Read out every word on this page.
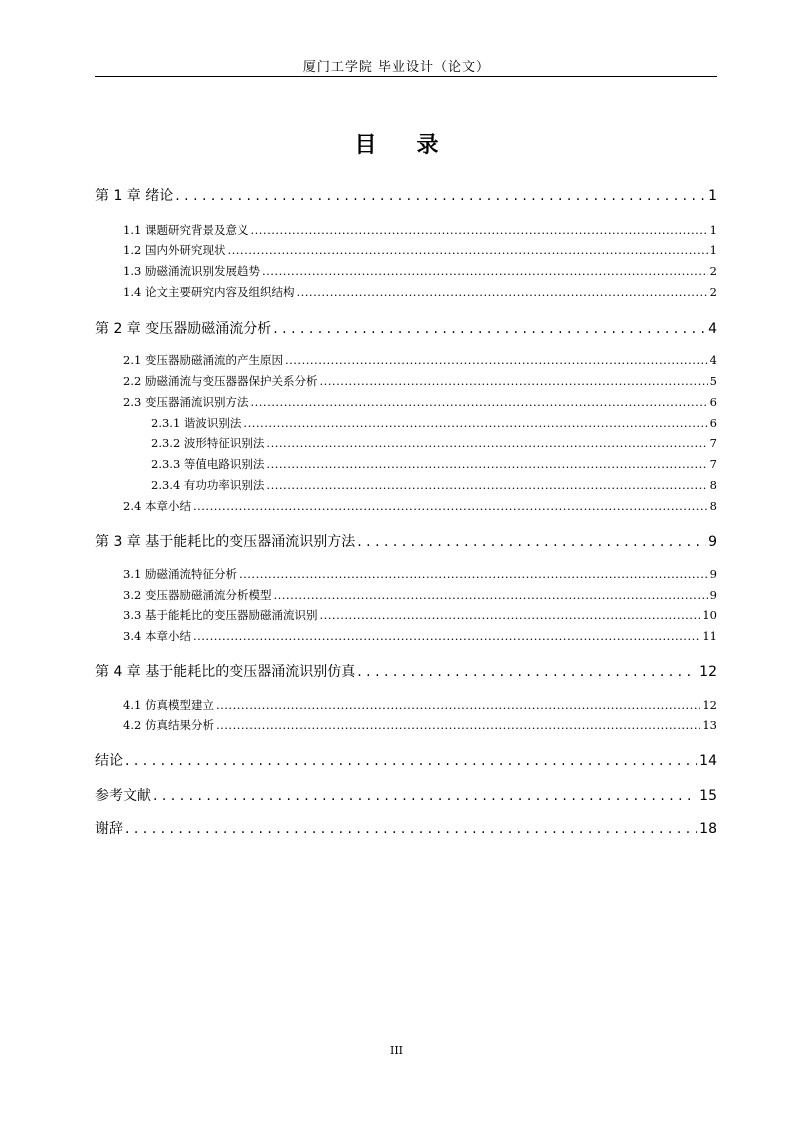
厦门工学院 毕业设计（论文）
目录
第 1 章 绪论 . . .	1
1.1 课题研究背景及意义 .....	1
1.2 国内外研究现状 .....	1
1.3 励磁涌流识别发展趋势 .....	2
1.4 论文主要研究内容及组织结构 .....	2
第 2 章 变压器励磁涌流分析 . . .	4
2.1 变压器励磁涌流的产生原因 .....	4
2.2 励磁涌流与变压器器保护关系分析 .....	5
2.3 变压器涌流识别方法 .....	6
2.3.1 谐波识别法 .....	6
2.3.2 波形特征识别法 .....	7
2.3.3 等值电路识别法 .....	7
2.3.4 有功功率识别法 .....	8
2.4 本章小结 .....	8
第 3 章 基于能耗比的变压器涌流识别方法 . . .	9
3.1 励磁涌流特征分析 .....	9
3.2 变压器励磁涌流分析模型 .....	9
3.3 基于能耗比的变压器励磁涌流识别 .....	10
3.4 本章小结 .....	11
第 4 章 基于能耗比的变压器涌流识别仿真 . . .	12
4.1 仿真模型建立 .....	12
4.2 仿真结果分析 .....	13
结论 . . .	14
参考文献 . . .	15
谢辞 . . .	18
III
